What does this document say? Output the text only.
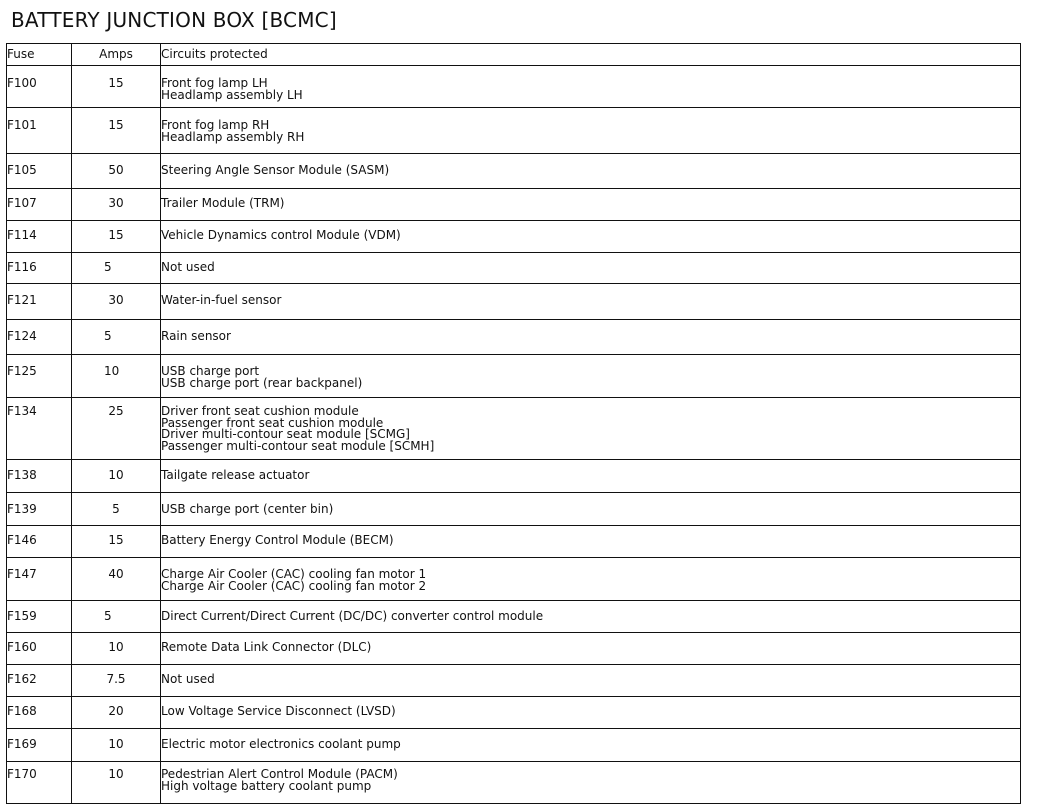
BATTERY JUNCTION BOX [BCMC]
Fuse	Amps	Circuits protected
F100	15	Front fog lamp LH
Headlamp assembly LH

F101	15	Front fog lamp RH
Headlamp assembly RH

F105	50	Steering Angle Sensor Module (SASM)

F107	30	Trailer Module (TRM)

F114	15	Vehicle Dynamics control Module (VDM)

F116	5	Not used

F121	30	Water-in-fuel sensor

F124	5	Rain sensor

F125	10	USB charge port
USB charge port (rear backpanel)

F134	25	Driver front seat cushion module
Passenger front seat cushion module
Driver multi-contour seat module [SCMG]
Passenger multi-contour seat module [SCMH]

F138	10	Tailgate release actuator

F139	5	USB charge port (center bin)

F146	15	Battery Energy Control Module (BECM)

F147	40	Charge Air Cooler (CAC) cooling fan motor 1
Charge Air Cooler (CAC) cooling fan motor 2

F159	5	Direct Current/Direct Current (DC/DC) converter control module

F160	10	Remote Data Link Connector (DLC)

F162	7.5	Not used

F168	20	Low Voltage Service Disconnect (LVSD)

F169	10	Electric motor electronics coolant pump

F170	10	Pedestrian Alert Control Module (PACM)
High voltage battery coolant pump
